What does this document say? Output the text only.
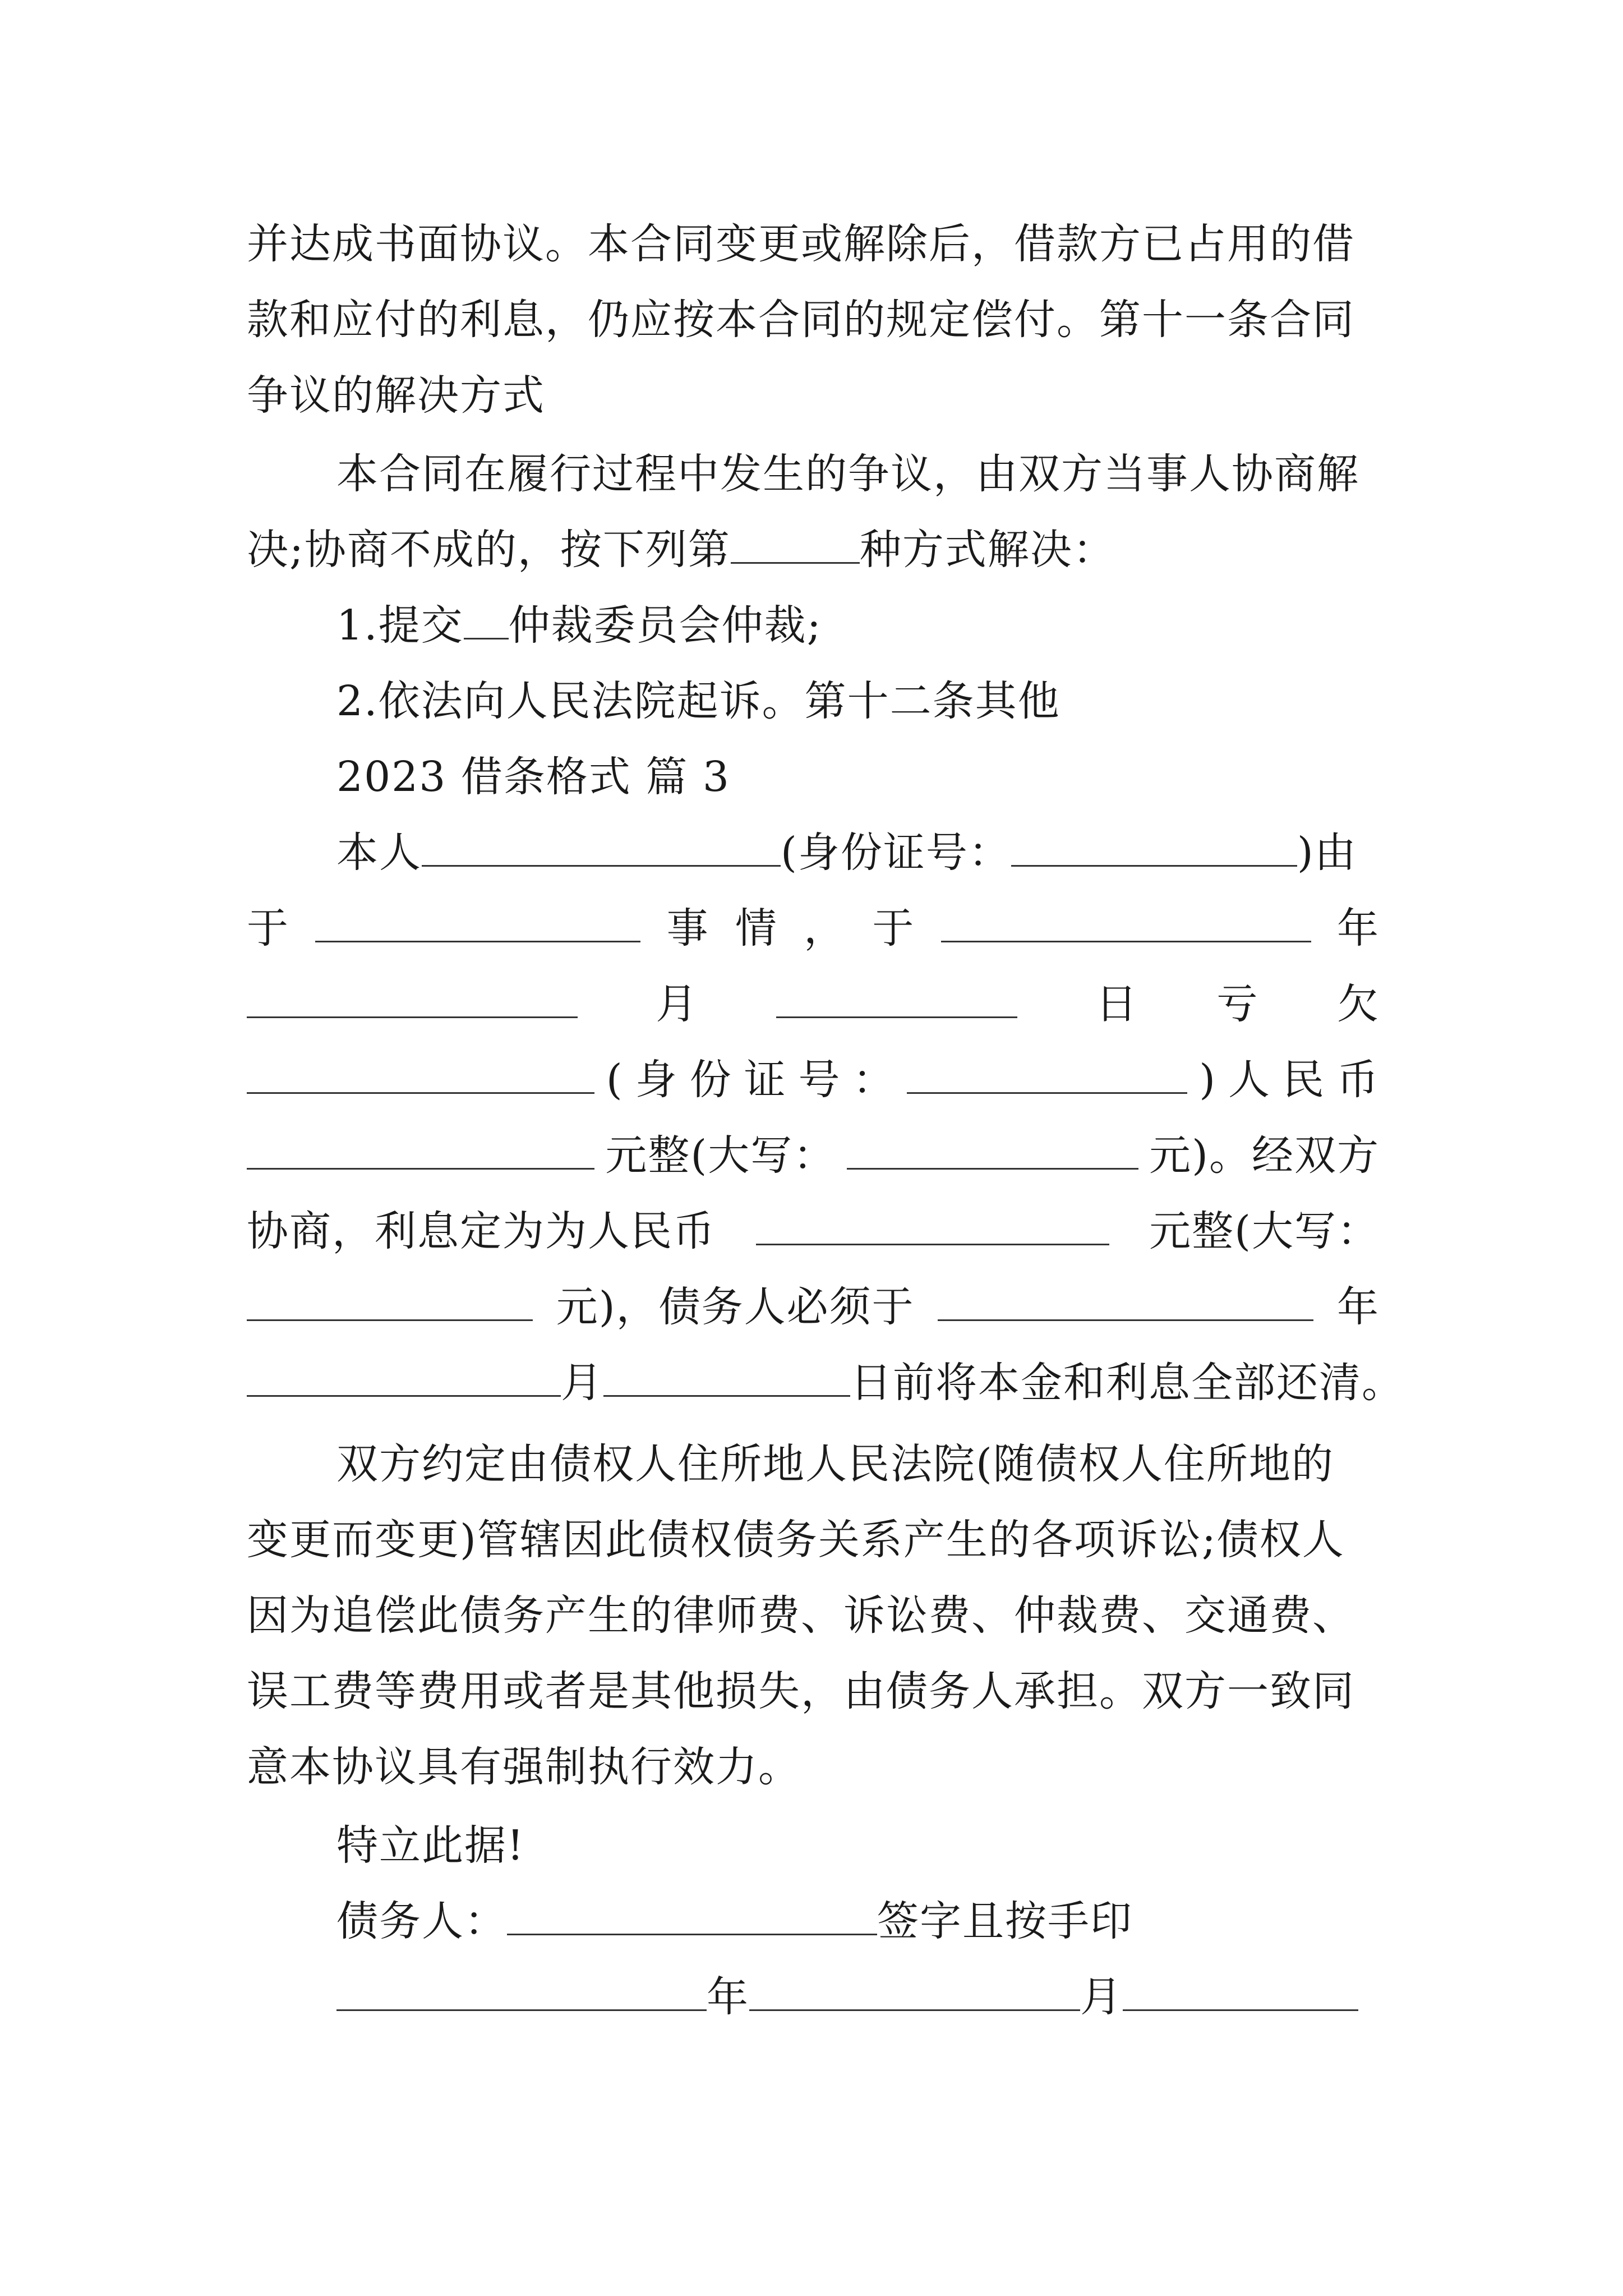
并达成书面协议。本合同变更或解除后，借款方已占用的借
款和应付的利息，仍应按本合同的规定偿付。第十一条合同
争议的解决方式
本合同在履行过程中发生的争议，由双方当事人协商解
决;协商不成的，按下列第	种方式解决：
1.提交 仲裁委员会仲裁;
2.依法向人民法院起诉。第十二条其他
2023 借条格式 篇 3
本人	(身份证号：	)由
于	事 情 ， 于	年
月	日 亏 欠
( 身 份 证 号 ：	) 人 民 币
元整(大写：	元)。经双方
协商，利息定为为人民币	元整(大写：
元)，债务人必须于	年
月	日前将本金和利息全部还清。
双方约定由债权人住所地人民法院(随债权人住所地的
变更而变更)管辖因此债权债务关系产生的各项诉讼;债权人
因为追偿此债务产生的律师费、诉讼费、仲裁费、交通费、
误工费等费用或者是其他损失，由债务人承担。双方一致同
意本协议具有强制执行效力。
特立此据!
债务人：	签字且按手印
年	月
